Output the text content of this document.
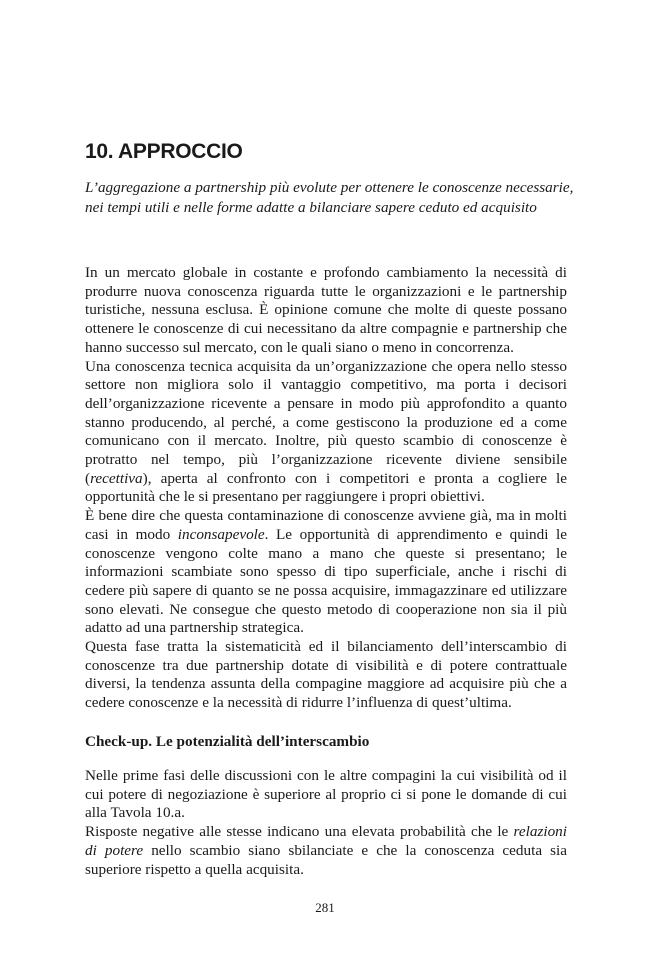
10. APPROCCIO

L’aggregazione a partnership più evolute per ottenere le conoscenze necessarie, nei tempi utili e nelle forme adatte a bilanciare sapere ceduto ed acquisito

In un mercato globale in costante e profondo cambiamento la necessità di produrre nuova conoscenza riguarda tutte le organizzazioni e le partnership turistiche, nessuna esclusa. È opinione comune che molte di queste possano ottenere le conoscenze di cui necessitano da altre compagnie e partnership che hanno successo sul mercato, con le quali siano o meno in concorrenza.

Una conoscenza tecnica acquisita da un’organizzazione che opera nello stesso settore non migliora solo il vantaggio competitivo, ma porta i decisori dell’organizzazione ricevente a pensare in modo più approfondito a quanto stanno producendo, al perché, a come gestiscono la produzione ed a come comunicano con il mercato. Inoltre, più questo scambio di conoscenze è protratto nel tempo, più l’organizzazione ricevente diviene sensibile (recettiva), aperta al confronto con i competitori e pronta a cogliere le opportunità che le si presentano per raggiungere i propri obiettivi.

È bene dire che questa contaminazione di conoscenze avviene già, ma in molti casi in modo inconsapevole. Le opportunità di apprendimento e quindi le conoscenze vengono colte mano a mano che queste si presentano; le informazioni scambiate sono spesso di tipo superficiale, anche i rischi di cedere più sapere di quanto se ne possa acquisire, immagazzinare ed utilizzare sono elevati. Ne consegue che questo metodo di cooperazione non sia il più adatto ad una partnership strategica.

Questa fase tratta la sistematicità ed il bilanciamento dell’interscambio di conoscenze tra due partnership dotate di visibilità e di potere contrattuale diversi, la tendenza assunta della compagine maggiore ad acquisire più che a cedere conoscenze e la necessità di ridurre l’influenza di quest’ultima.

Check-up. Le potenzialità dell’interscambio

Nelle prime fasi delle discussioni con le altre compagini la cui visibilità od il cui potere di negoziazione è superiore al proprio ci si pone le domande di cui alla Tavola 10.a.

Risposte negative alle stesse indicano una elevata probabilità che le relazioni di potere nello scambio siano sbilanciate e che la conoscenza ceduta sia superiore rispetto a quella acquisita.

281
